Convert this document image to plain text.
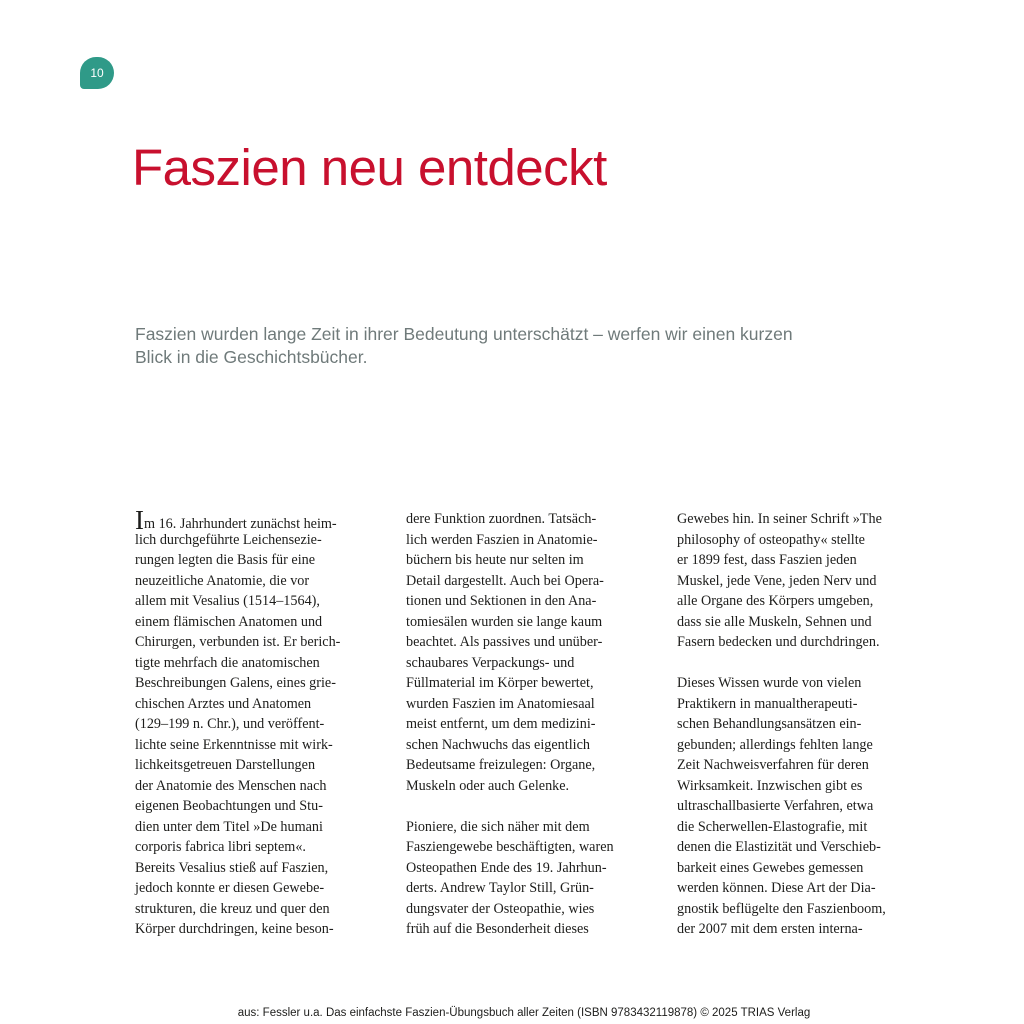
10
Faszien neu entdeckt

Faszien wurden lange Zeit in ihrer Bedeutung unterschätzt – werfen wir einen kurzen
Blick in die Geschichtsbücher.

Im 16. Jahrhundert zunächst heim-
lich durchgeführte Leichensezie-
rungen legten die Basis für eine
neuzeitliche Anatomie, die vor
allem mit Vesalius (1514–1564),
einem flämischen Anatomen und
Chirurgen, verbunden ist. Er berich-
tigte mehrfach die anatomischen
Beschreibungen Galens, eines grie-
chischen Arztes und Anatomen
(129–199 n. Chr.), und veröffent-
lichte seine Erkenntnisse mit wirk-
lichkeitsgetreuen Darstellungen
der Anatomie des Menschen nach
eigenen Beobachtungen und Stu-
dien unter dem Titel »De humani
corporis fabrica libri septem«.
Bereits Vesalius stieß auf Faszien,
jedoch konnte er diesen Gewebe-
strukturen, die kreuz und quer den
Körper durchdringen, keine beson-
dere Funktion zuordnen. Tatsäch-
lich werden Faszien in Anatomie-
büchern bis heute nur selten im
Detail dargestellt. Auch bei Opera-
tionen und Sektionen in den Ana-
tomiesälen wurden sie lange kaum
beachtet. Als passives und unüber-
schaubares Verpackungs- und
Füllmaterial im Körper bewertet,
wurden Faszien im Anatomiesaal
meist entfernt, um dem medizini-
schen Nachwuchs das eigentlich
Bedeutsame freizulegen: Organe,
Muskeln oder auch Gelenke.
Pioniere, die sich näher mit dem
Fasziengewebe beschäftigten, waren
Osteopathen Ende des 19. Jahrhun-
derts. Andrew Taylor Still, Grün-
dungsvater der Osteopathie, wies
früh auf die Besonderheit dieses
Gewebes hin. In seiner Schrift »The
philosophy of osteopathy« stellte
er 1899 fest, dass Faszien jeden
Muskel, jede Vene, jeden Nerv und
alle Organe des Körpers umgeben,
dass sie alle Muskeln, Sehnen und
Fasern bedecken und durchdringen.
Dieses Wissen wurde von vielen
Praktikern in manualtherapeuti-
schen Behandlungsansätzen ein-
gebunden; allerdings fehlten lange
Zeit Nachweisverfahren für deren
Wirksamkeit. Inzwischen gibt es
ultraschallbasierte Verfahren, etwa
die Scherwellen-Elastografie, mit
denen die Elastizität und Verschieb-
barkeit eines Gewebes gemessen
werden können. Diese Art der Dia-
gnostik beflügelte den Faszienboom,
der 2007 mit dem ersten interna-
aus: Fessler u.a. Das einfachste Faszien-Übungsbuch aller Zeiten (ISBN 9783432119878) © 2025 TRIAS Verlag
